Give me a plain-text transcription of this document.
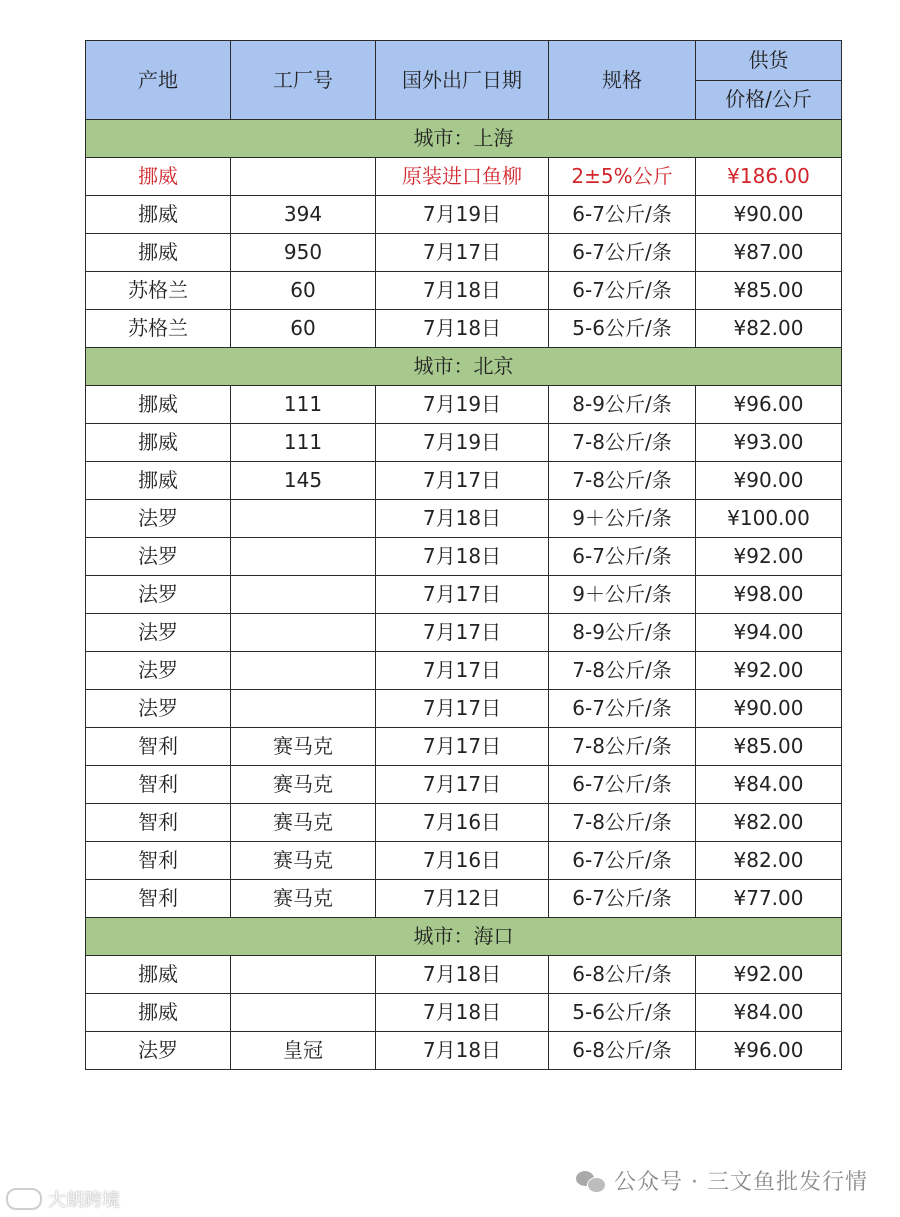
产地	工厂号	国外出厂日期	规格	供货
				价格/公斤
城市：上海				
挪威		原装进口鱼柳	2±5%公斤	¥186.00
挪威	394	7月19日	6-7公斤/条	¥90.00
挪威	950	7月17日	6-7公斤/条	¥87.00
苏格兰	60	7月18日	6-7公斤/条	¥85.00
苏格兰	60	7月18日	5-6公斤/条	¥82.00
城市：北京				
挪威	111	7月19日	8-9公斤/条	¥96.00
挪威	111	7月19日	7-8公斤/条	¥93.00
挪威	145	7月17日	7-8公斤/条	¥90.00
法罗		7月18日	9＋公斤/条	¥100.00
法罗		7月18日	6-7公斤/条	¥92.00
法罗		7月17日	9＋公斤/条	¥98.00
法罗		7月17日	8-9公斤/条	¥94.00
法罗		7月17日	7-8公斤/条	¥92.00
法罗		7月17日	6-7公斤/条	¥90.00
智利	赛马克	7月17日	7-8公斤/条	¥85.00
智利	赛马克	7月17日	6-7公斤/条	¥84.00
智利	赛马克	7月16日	7-8公斤/条	¥82.00
智利	赛马克	7月16日	6-7公斤/条	¥82.00
智利	赛马克	7月12日	6-7公斤/条	¥77.00
城市：海口				
挪威		7月18日	6-8公斤/条	¥92.00
挪威		7月18日	5-6公斤/条	¥84.00
法罗	皇冠	7月18日	6-8公斤/条	¥96.00
公众号 · 三文鱼批发行情
大朗跨境
